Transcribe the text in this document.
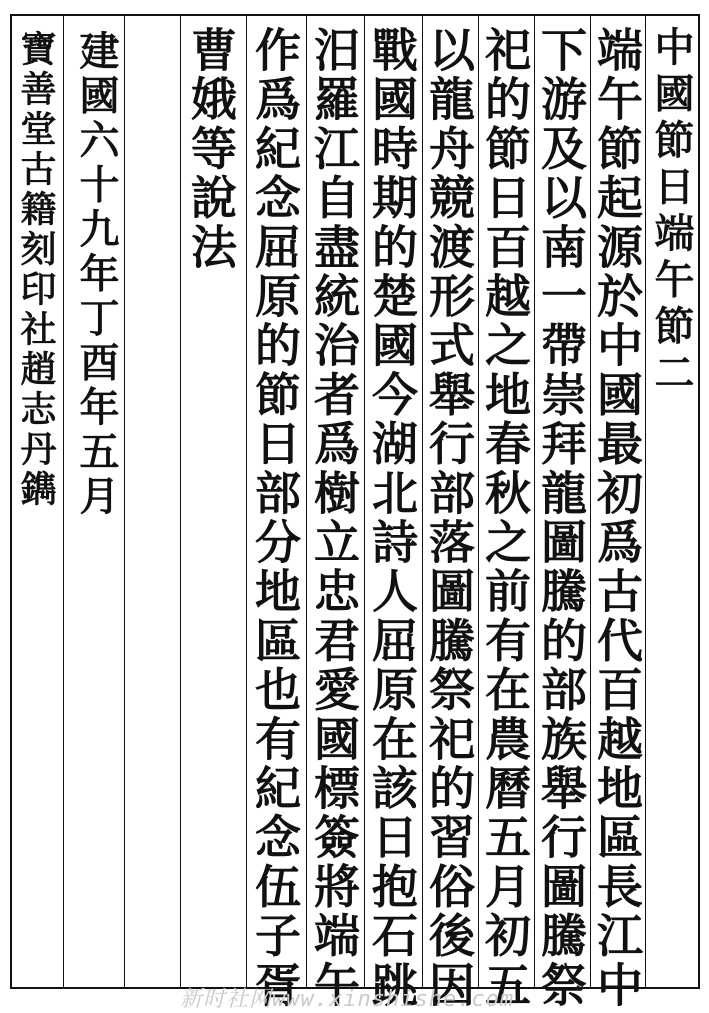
中國節日端午節二
端午節起源於中國最初爲古代百越地區長江中
下游及以南一帶崇拜龍圖騰的部族舉行圖騰祭
祀的節日百越之地春秋之前有在農曆五月初五
以龍舟競渡形式舉行部落圖騰祭祀的習俗後因
戰國時期的楚國今湖北詩人屈原在該日抱石跳
汨羅江自盡統治者爲樹立忠君愛國標簽將端午
作爲紀念屈原的節日部分地區也有紀念伍子胥
曹娥等說法
建國六十九年丁酉年五月
寶善堂古籍刻印社趙志丹鐫
新时社网www.xinshishe.com
